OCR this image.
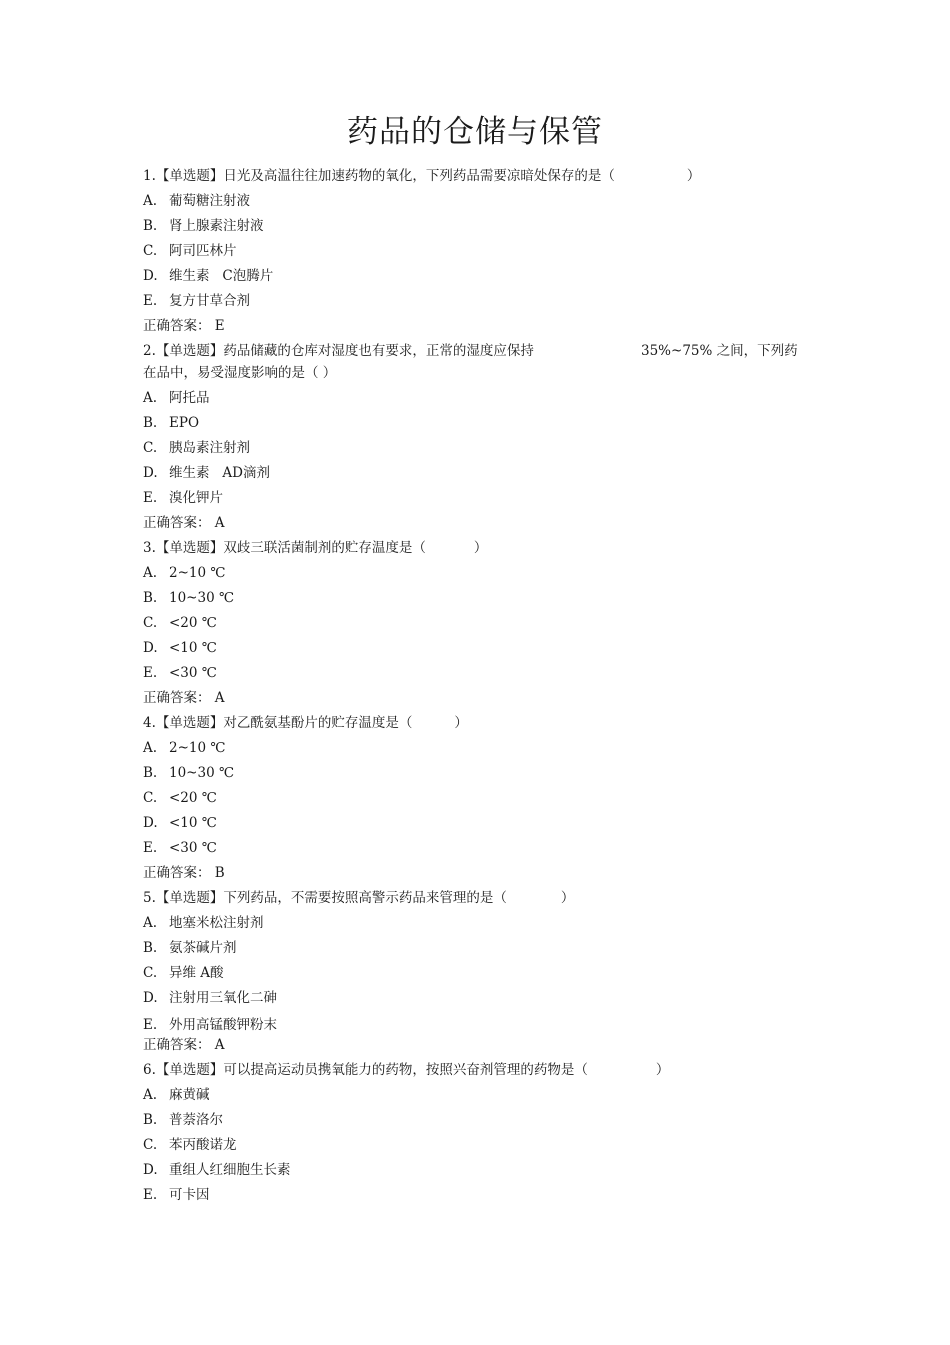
药品的仓储与保管
1.【单选题】日光及高温往往加速药物的氧化，下列药品需要凉暗处保存的是（	）
A. 葡萄糖注射液
B. 肾上腺素注射液
C. 阿司匹林片
D. 维生素   C泡腾片
E. 复方甘草合剂
正确答案： E
2.【单选题】药品储藏的仓库对湿度也有要求，正常的湿度应保持	35%~75% 之间，下列药
在品中，易受湿度影响的是（ ）
A. 阿托品
B. EPO
C. 胰岛素注射剂
D. 维生素   AD滴剂
E. 溴化钾片
正确答案： A
3.【单选题】双歧三联活菌制剂的贮存温度是（	）
A. 2~10 ℃
B. 10~30 ℃
C. <20 ℃
D. <10 ℃
E. <30 ℃
正确答案： A
4.【单选题】对乙酰氨基酚片的贮存温度是（	）
A. 2~10 ℃
B. 10~30 ℃
C. <20 ℃
D. <10 ℃
E. <30 ℃
正确答案： B
5.【单选题】下列药品，不需要按照高警示药品来管理的是（	）
A. 地塞米松注射剂
B. 氨茶碱片剂
C. 异维 A酸
D. 注射用三氧化二砷
E. 外用高锰酸钾粉末
正确答案： A
6.【单选题】可以提高运动员携氧能力的药物，按照兴奋剂管理的药物是（	）
A. 麻黄碱
B. 普萘洛尔
C. 苯丙酸诺龙
D. 重组人红细胞生长素
E. 可卡因
